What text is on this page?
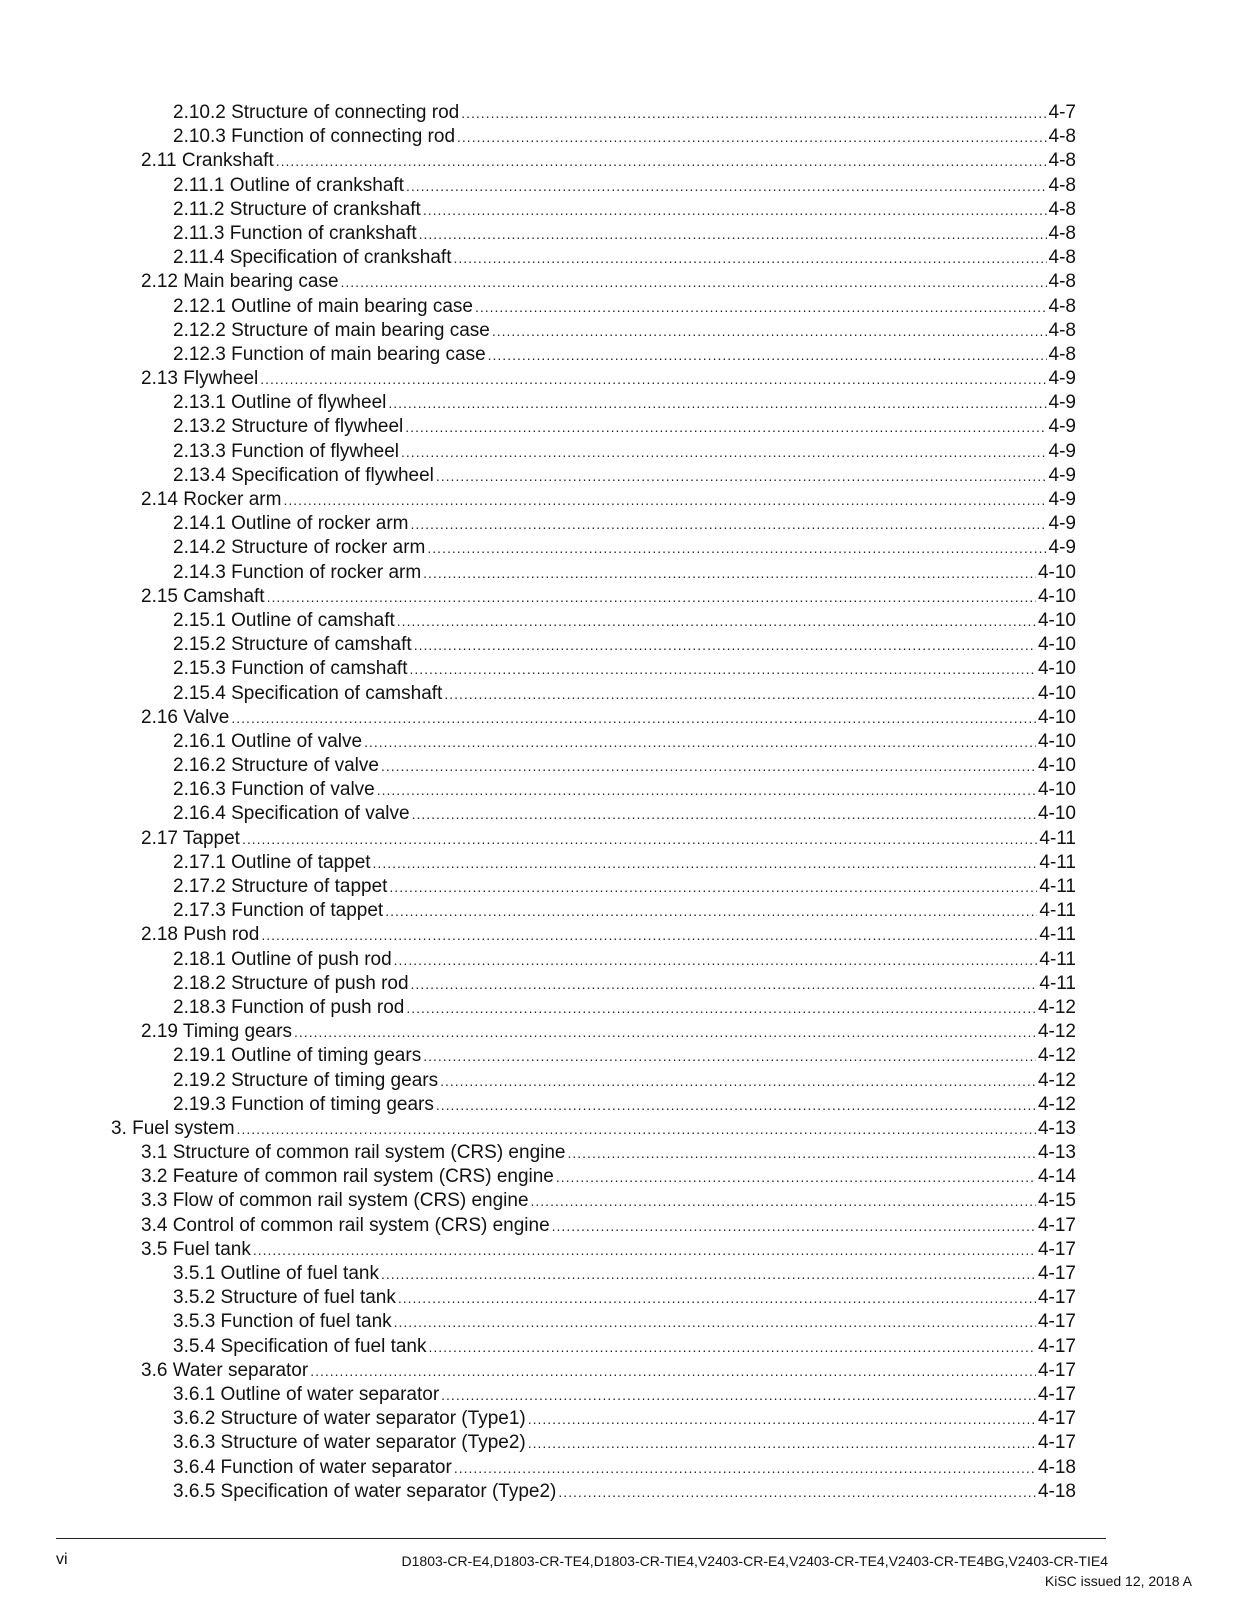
2.10.2 Structure of connecting rod .....	4-7
2.10.3 Function of connecting rod .....	4-8
2.11 Crankshaft .....	4-8
2.11.1 Outline of crankshaft .....	4-8
2.11.2 Structure of crankshaft .....	4-8
2.11.3 Function of crankshaft .....	4-8
2.11.4 Specification of crankshaft .....	4-8
2.12 Main bearing case .....	4-8
2.12.1 Outline of main bearing case .....	4-8
2.12.2 Structure of main bearing case .....	4-8
2.12.3 Function of main bearing case .....	4-8
2.13 Flywheel .....	4-9
2.13.1 Outline of flywheel .....	4-9
2.13.2 Structure of flywheel .....	4-9
2.13.3 Function of flywheel .....	4-9
2.13.4 Specification of flywheel .....	4-9
2.14 Rocker arm .....	4-9
2.14.1 Outline of rocker arm .....	4-9
2.14.2 Structure of rocker arm .....	4-9
2.14.3 Function of rocker arm .....	4-10
2.15 Camshaft .....	4-10
2.15.1 Outline of camshaft .....	4-10
2.15.2 Structure of camshaft .....	4-10
2.15.3 Function of camshaft .....	4-10
2.15.4 Specification of camshaft .....	4-10
2.16 Valve .....	4-10
2.16.1 Outline of valve .....	4-10
2.16.2 Structure of valve .....	4-10
2.16.3 Function of valve .....	4-10
2.16.4 Specification of valve .....	4-10
2.17 Tappet .....	4-11
2.17.1 Outline of tappet .....	4-11
2.17.2 Structure of tappet .....	4-11
2.17.3 Function of tappet .....	4-11
2.18 Push rod .....	4-11
2.18.1 Outline of push rod .....	4-11
2.18.2 Structure of push rod .....	4-11
2.18.3 Function of push rod .....	4-12
2.19 Timing gears .....	4-12
2.19.1 Outline of timing gears .....	4-12
2.19.2 Structure of timing gears .....	4-12
2.19.3 Function of timing gears .....	4-12
3. Fuel system .....	4-13
3.1 Structure of common rail system (CRS) engine .....	4-13
3.2 Feature of common rail system (CRS) engine .....	4-14
3.3 Flow of common rail system (CRS) engine .....	4-15
3.4 Control of common rail system (CRS) engine .....	4-17
3.5 Fuel tank .....	4-17
3.5.1 Outline of fuel tank .....	4-17
3.5.2 Structure of fuel tank .....	4-17
3.5.3 Function of fuel tank .....	4-17
3.5.4 Specification of fuel tank .....	4-17
3.6 Water separator .....	4-17
3.6.1 Outline of water separator .....	4-17
3.6.2 Structure of water separator (Type1) .....	4-17
3.6.3 Structure of water separator (Type2) .....	4-17
3.6.4 Function of water separator .....	4-18
3.6.5 Specification of water separator (Type2) .....	4-18
vi	D1803-CR-E4,D1803-CR-TE4,D1803-CR-TIE4,V2403-CR-E4,V2403-CR-TE4,V2403-CR-TE4BG,V2403-CR-TIE4
KiSC issued 12, 2018 A
